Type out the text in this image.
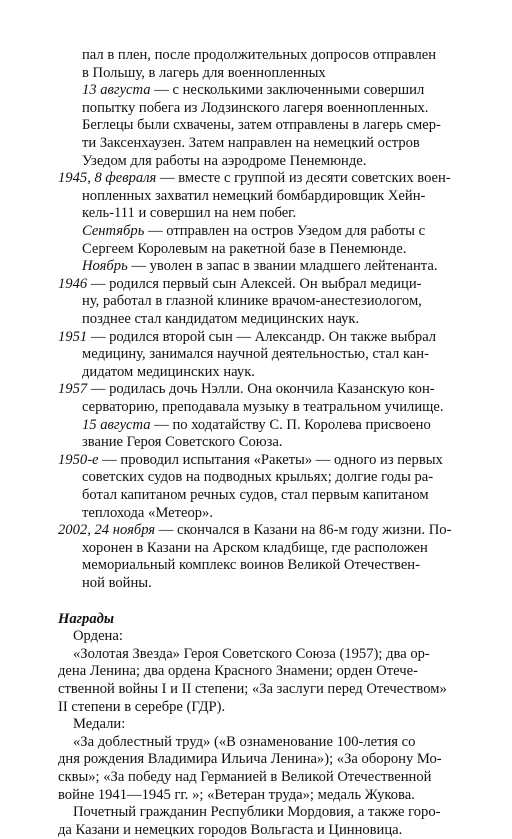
пал в плен, после продолжительных допросов отправлен
в Польшу, в лагерь для военнопленных
13 августа — с несколькими заключенными совершил
попытку побега из Лодзинского лагеря военнопленных.
Беглецы были схвачены, затем отправлены в лагерь смер-
ти Заксенхаузен. Затем направлен на немецкий остров
Узедом для работы на аэродроме Пенемюнде.
1945, 8 февраля — вместе с группой из десяти советских воен-
нопленных захватил немецкий бомбардировщик Хейн-
кель-111 и совершил на нем побег.
Сентябрь — отправлен на остров Узедом для работы с
Сергеем Королевым на ракетной базе в Пенемюнде.
Ноябрь — уволен в запас в звании младшего лейтенанта.
1946 — родился первый сын Алексей. Он выбрал медици-
ну, работал в глазной клинике врачом-анестезиологом,
позднее стал кандидатом медицинских наук.
1951 — родился второй сын — Александр. Он также выбрал
медицину, занимался научной деятельностью, стал кан-
дидатом медицинских наук.
1957 — родилась дочь Нэлли. Она окончила Казанскую кон-
серваторию, преподавала музыку в театральном училище.
15 августа — по ходатайству С. П. Королева присвоено
звание Героя Советского Союза.
1950-е — проводил испытания «Ракеты» — одного из первых
советских судов на подводных крыльях; долгие годы ра-
ботал капитаном речных судов, стал первым капитаном
теплохода «Метеор».
2002, 24 ноября — скончался в Казани на 86-м году жизни. По-
хоронен в Казани на Арском кладбище, где расположен
мемориальный комплекс воинов Великой Отечествен-
ной войны.
Награды
Ордена:
«Золотая Звезда» Героя Советского Союза (1957); два ор-
дена Ленина; два ордена Красного Знамени; орден Отече-
ственной войны I и II степени; «За заслуги перед Отечеством»
II степени в серебре (ГДР).
Медали:
«За доблестный труд» («В ознаменование 100-летия со
дня рождения Владимира Ильича Ленина»); «За оборону Мо-
сквы»; «За победу над Германией в Великой Отечественной
войне 1941—1945 гг. »; «Ветеран труда»; медаль Жукова.
Почетный гражданин Республики Мордовия, а также горо-
да Казани и немецких городов Вольгаста и Цинновица.
